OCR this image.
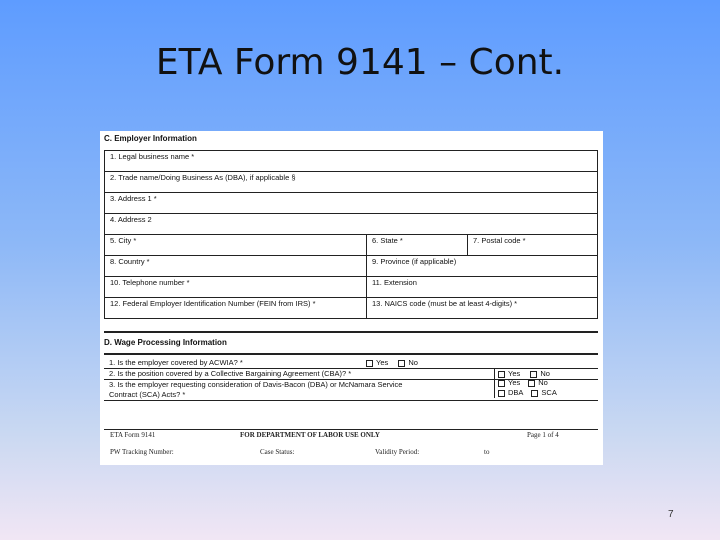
ETA Form 9141 – Cont.
C. Employer Information
1. Legal business name *		
2. Trade name/Doing Business As (DBA), if applicable §		
3. Address 1 *		
4. Address 2		
5. City *	6. State *	7. Postal code *
8. Country *	9. Province (if applicable)	
10. Telephone number *	11. Extension	
12. Federal Employer Identification Number (FEIN from IRS) *	13. NAICS code (must be at least 4-digits) *	
D. Wage Processing Information
1. Is the employer covered by ACWIA? *	Yes	No

2. Is the position covered by a Collective Bargaining Agreement (CBA)? *	Yes	No

3. Is the employer requesting consideration of Davis-Bacon (DBA) or McNamara Service
Contract (SCA) Acts? *
Yes No
DBA SCA
ETA Form 9141	FOR DEPARTMENT OF LABOR USE ONLY	Page 1 of 4
PW Tracking Number:	Case Status:	Validity Period:	to
7
